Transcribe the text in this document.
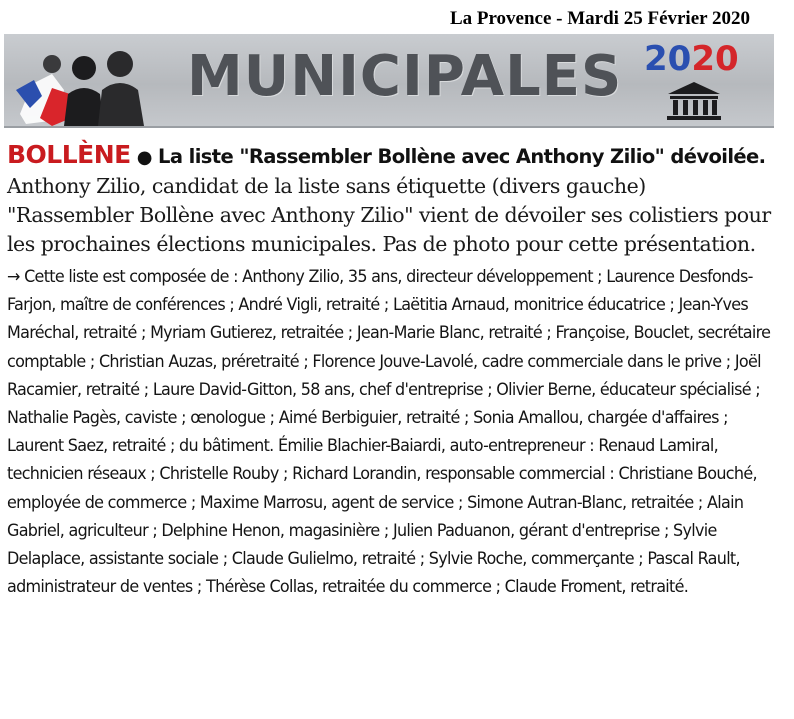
La Provence - Mardi 25 Février 2020
MUNICIPALES 2020

BOLLÈNE ● La liste "Rassembler Bollène avec Anthony Zilio" dévoilée. Anthony Zilio, candidat de la liste sans étiquette (divers gauche) "Rassembler Bollène avec Anthony Zilio" vient de dévoiler ses colistiers pour les prochaines élections municipales. Pas de photo pour cette présentation.

→ Cette liste est composée de : Anthony Zilio, 35 ans, directeur développement ; Laurence Desfonds-Farjon, maître de conférences ; André Vigli, retraité ; Laëtitia Arnaud, monitrice éducatrice ; Jean-Yves Maréchal, retraité ; Myriam Gutierez, retraitée ; Jean-Marie Blanc, retraité ; Françoise, Bouclet, secrétaire comptable ; Christian Auzas, préretraité ; Florence Jouve-Lavolé, cadre commerciale dans le prive ; Joël Racamier, retraité ; Laure David-Gitton, 58 ans, chef d'entreprise ; Olivier Berne, éducateur spécialisé ; Nathalie Pagès, caviste ; œnologue ; Aimé Berbiguier, retraité ; Sonia Amallou, chargée d'affaires ; Laurent Saez, retraité ; du bâtiment. Émilie Blachier-Baiardi, auto-entrepreneur : Renaud Lamiral, technicien réseaux ; Christelle Rouby ; Richard Lorandin, responsable commercial : Christiane Bouché, employée de commerce ; Maxime Marrosu, agent de service ; Simone Autran-Blanc, retraitée ; Alain Gabriel, agriculteur ; Delphine Henon, magasinière ; Julien Paduanon, gérant d'entreprise ; Sylvie Delaplace, assistante sociale ; Claude Gulielmo, retraité ; Sylvie Roche, commerçante ; Pascal Rault, administrateur de ventes ; Thérèse Collas, retraitée du commerce ; Claude Froment, retraité.
